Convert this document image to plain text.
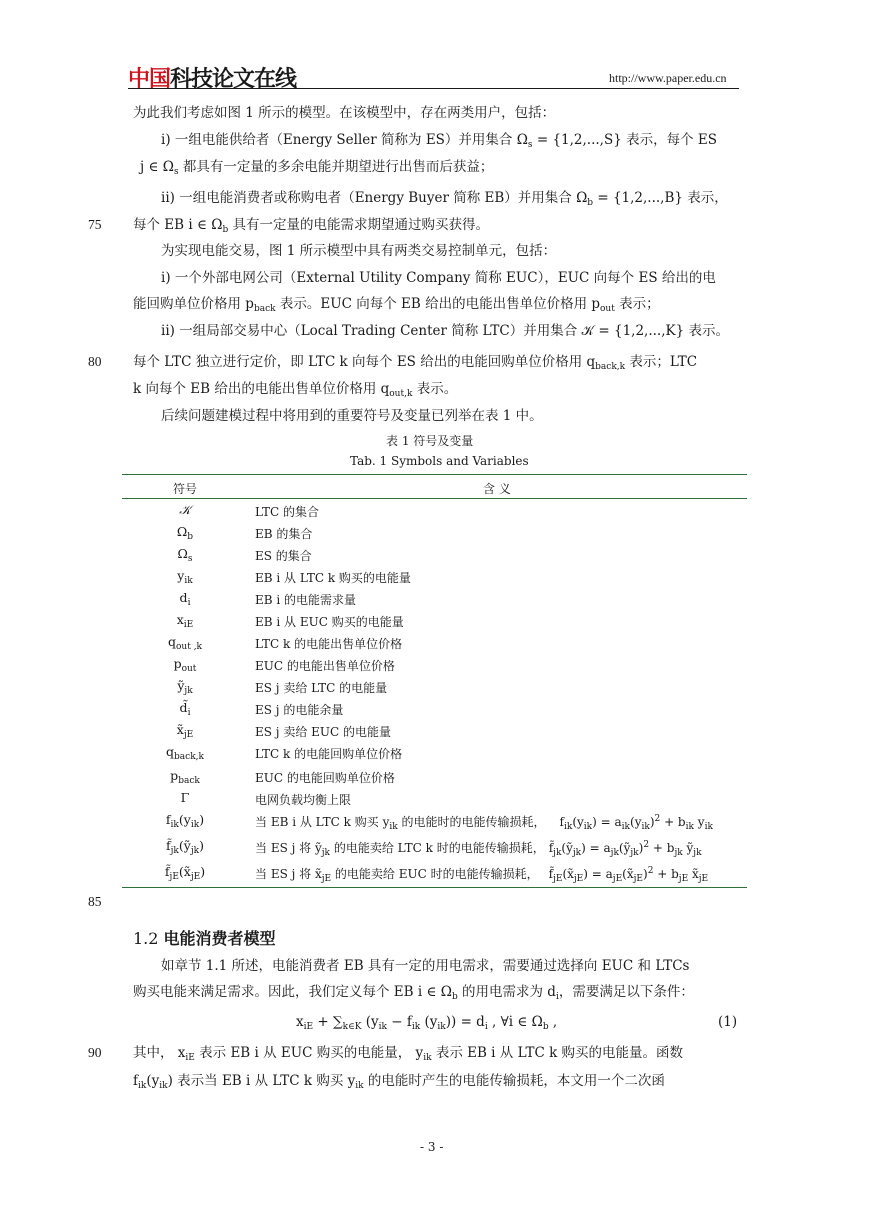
中国科技论文在线	http://www.paper.edu.cn
为此我们考虑如图 1 所示的模型。在该模型中，存在两类用户，包括：
i) 一组电能供给者（Energy Seller 简称为 ES）并用集合 $\Omega_s = \{1,2,...,S\}$ 表示，每个 ES
j ∈ $\Omega_s$ 都具有一定量的多余电能并期望进行出售而后获益；
ii) 一组电能消费者或称购电者（Energy Buyer 简称 EB）并用集合 $\Omega_b = \{1,2,...,B\}$ 表示，
75 每个 EB i ∈ $\Omega_b$ 具有一定量的电能需求期望通过购买获得。
为实现电能交易，图 1 所示模型中具有两类交易控制单元，包括：
i) 一个外部电网公司（External Utility Company 简称 EUC），EUC 向每个 ES 给出的电
能回购单位价格用 $p_{back}$ 表示。EUC 向每个 EB 给出的电能出售单位价格用 $p_{out}$ 表示；
ii) 一组局部交易中心（Local Trading Center 简称 LTC）并用集合 𝒦 = {1,2,...,K} 表示。
80 每个 LTC 独立进行定价，即 LTC k 向每个 ES 给出的电能回购单位价格用 $q_{back,k}$ 表示；LTC
k 向每个 EB 给出的电能出售单位价格用 $q_{out,k}$ 表示。
后续问题建模过程中将用到的重要符号及变量已列举在表 1 中。
表 1 符号及变量
Tab. 1 Symbols and Variables
符号	含 义
𝒦	LTC 的集合
$\Omega_b$	EB 的集合
$\Omega_s$	ES 的集合
$y_{ik}$	EB i 从 LTC k 购买的电能量
$d_i$	EB i 的电能需求量
$x_{iE}$	EB i 从 EUC 购买的电能量
$q_{out ,k}$	LTC k 的电能出售单位价格
$p_{out}$	EUC 的电能出售单位价格
ỹ$_{jk}$	ES j 卖给 LTC 的电能量
$d̃_i$	ES j 的电能余量
$x̃_{jE}$	ES j 卖给 EUC 的电能量
$q_{back,k}$	LTC k 的电能回购单位价格
$p_{back}$	EUC 的电能回购单位价格
Γ	电网负载均衡上限
$f_{ik}(y_{ik})$	当 EB i 从 LTC k 购买 $y_{ik}$ 的电能时的电能传输损耗， $f_{ik}(y_{ik}) = a_{ik}(y_{ik})^2 + b_{ik}$ $y_{ik}$
$f̃_{jk}(ỹ_{jk})$	当 ES j 将 ỹ$_{jk}$ 的电能卖给 LTC k 时的电能传输损耗， $f̃_{jk}(ỹ_{jk})$ = $a_{jk}(ỹ_{jk})^2 + b_{jk}$ ỹ$_{jk}$
$f̃_{jE}(x̃_{jE})$	当 ES j 将 $x̃_{jE}$ 的电能卖给 EUC 时的电能传输损耗， $f̃_{jE}(x̃_{jE})$ = $a_{jE}(x̃_{jE})^2 + b_{jE}$ $x̃_{jE}$
85
1.2 电能消费者模型
如章节 1.1 所述，电能消费者 EB 具有一定的用电需求，需要通过选择向 EUC 和 LTCs
购买电能来满足需求。因此，我们定义每个 EB i ∈ $\Omega_b$ 的用电需求为 $d_i$，需要满足以下条件：
$x_{iE} + \sum_{k\in K}$ ($y_{ik} - f_{ik}$ $(y_{ik})) = d_i$ , ∀i ∈ $\Omega_b$ ,	(1)
90 其中， $x_{iE}$ 表示 EB i 从 EUC 购买的电能量， $y_{ik}$ 表示 EB i 从 LTC k 购买的电能量。函数
$f_{ik}(y_{ik})$ 表示当 EB i 从 LTC k 购买 $y_{ik}$ 的电能时产生的电能传输损耗，本文用一个二次函
- 3 -
